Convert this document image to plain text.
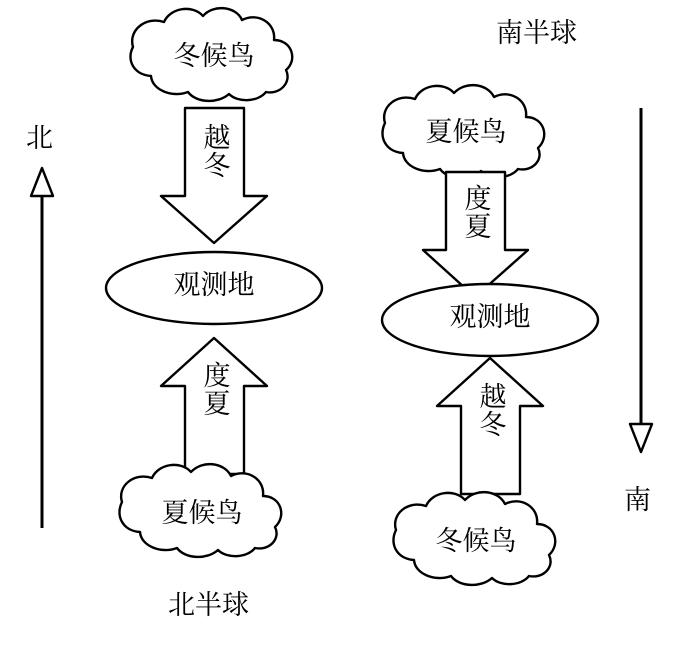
北
南
北半球
南半球
冬候鸟
越冬
观测地
度夏
夏候鸟
夏候鸟
度夏
观测地
越冬
冬候鸟
